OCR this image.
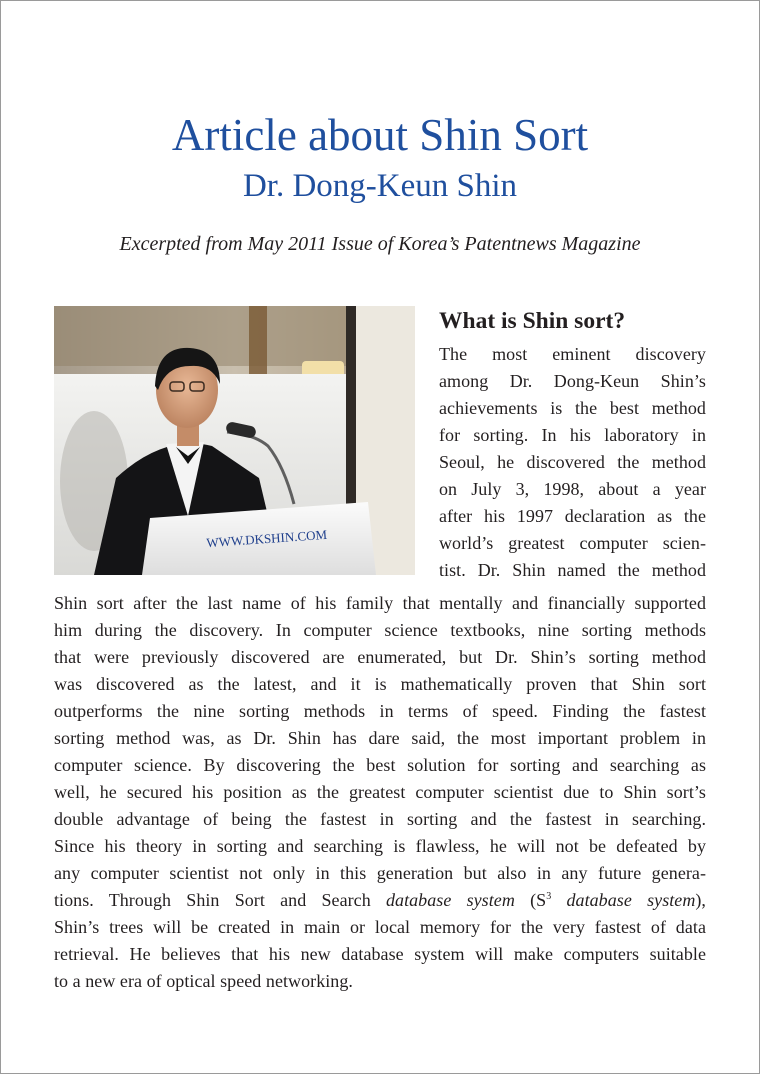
Article about Shin Sort
Dr. Dong-Keun Shin
Excerpted from May 2011 Issue of Korea’s Patentnews Magazine
WWW.DKSHIN.COM
What is Shin sort?
The most eminent discovery
among Dr. Dong-Keun Shin’s
achievements is the best method
for sorting. In his laboratory in
Seoul, he discovered the method
on July 3, 1998, about a year
after his 1997 declaration as the
world’s greatest computer scien-
tist. Dr. Shin named the method
Shin sort after the last name of his family that mentally and financially supported
him during the discovery. In computer science textbooks, nine sorting methods
that were previously discovered are enumerated, but Dr. Shin’s sorting method
was discovered as the latest, and it is mathematically proven that Shin sort
outperforms the nine sorting methods in terms of speed. Finding the fastest
sorting method was, as Dr. Shin has dare said, the most important problem in
computer science. By discovering the best solution for sorting and searching as
well, he secured his position as the greatest computer scientist due to Shin sort’s
double advantage of being the fastest in sorting and the fastest in searching.
Since his theory in sorting and searching is flawless, he will not be defeated by
any computer scientist not only in this generation but also in any future genera-
tions. Through Shin Sort and Search database system ($S^3$ database system),
Shin’s trees will be created in main or local memory for the very fastest of data
retrieval. He believes that his new database system will make computers suitable
to a new era of optical speed networking.
